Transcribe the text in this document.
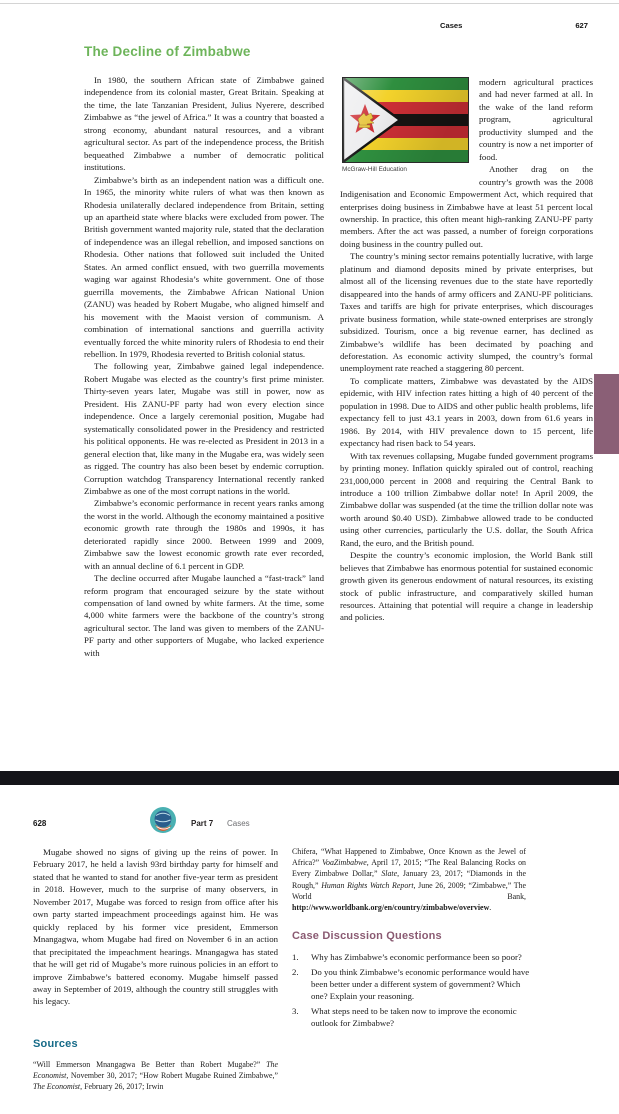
Cases	627
The Decline of Zimbabwe

In 1980, the southern African state of Zimbabwe gained independence from its colonial master, Great Britain. Speaking at the time, the late Tanzanian President, Julius Nyerere, described Zimbabwe as “the jewel of Africa.” It was a country that boasted a strong economy, abundant natural resources, and a vibrant agricultural sector. As part of the independence process, the British bequeathed Zimbabwe a number of democratic political institutions.

Zimbabwe’s birth as an independent nation was a difficult one. In 1965, the minority white rulers of what was then known as Rhodesia unilaterally declared independence from Britain, setting up an apartheid state where blacks were excluded from power. The British government wanted majority rule, stated that the declaration of independence was an illegal rebellion, and imposed sanctions on Rhodesia. Other nations that followed suit included the United States. An armed conflict ensued, with two guerrilla movements waging war against Rhodesia’s white government. One of those guerrilla movements, the Zimbabwe African National Union (ZANU) was headed by Robert Mugabe, who aligned himself and his movement with the Maoist version of communism. A combination of international sanctions and guerrilla activity eventually forced the white minority rulers of Rhodesia to end their rebellion. In 1979, Rhodesia reverted to British colonial status.

The following year, Zimbabwe gained legal independence. Robert Mugabe was elected as the country’s first prime minister. Thirty-seven years later, Mugabe was still in power, now as President. His ZANU-PF party had won every election since independence. Once a largely ceremonial position, Mugabe had systematically consolidated power in the Presidency and restricted his political opponents. He was re-elected as President in 2013 in a general election that, like many in the Mugabe era, was widely seen as rigged. The country has also been beset by endemic corruption. Corruption watchdog Transparency International recently ranked Zimbabwe as one of the most corrupt nations in the world.

Zimbabwe’s economic performance in recent years ranks among the worst in the world. Although the economy maintained a positive economic growth rate through the 1980s and 1990s, it has deteriorated rapidly since 2000. Between 1999 and 2009, Zimbabwe saw the lowest economic growth rate ever recorded, with an annual decline of 6.1 percent in GDP.

The decline occurred after Mugabe launched a “fast-track” land reform program that encouraged seizure by the state without compensation of land owned by white farmers. At the time, some 4,000 white farmers were the backbone of the country’s strong agricultural sector. The land was given to members of the ZANU-PF party and other supporters of Mugabe, who lacked experience with

McGraw-Hill Education

modern agricultural practices and had never farmed at all. In the wake of the land reform program, agricultural productivity slumped and the country is now a net importer of food.

Another drag on the country’s growth was the 2008 Indigenisation and Economic Empowerment Act, which required that enterprises doing business in Zimbabwe have at least 51 percent local ownership. In practice, this often meant high-ranking ZANU-PF party members. After the act was passed, a number of foreign corporations doing business in the country pulled out.

The country’s mining sector remains potentially lucrative, with large platinum and diamond deposits mined by private enterprises, but almost all of the licensing revenues due to the state have reportedly disappeared into the hands of army officers and ZANU-PF politicians. Taxes and tariffs are high for private enterprises, which discourages private business formation, while state-owned enterprises are strongly subsidized. Tourism, once a big revenue earner, has declined as Zimbabwe’s wildlife has been decimated by poaching and deforestation. As economic activity slumped, the country’s formal unemployment rate reached a staggering 80 percent.

To complicate matters, Zimbabwe was devastated by the AIDS epidemic, with HIV infection rates hitting a high of 40 percent of the population in 1998. Due to AIDS and other public health problems, life expectancy fell to just 43.1 years in 2003, down from 61.6 years in 1986. By 2014, with HIV prevalence down to 15 percent, life expectancy had risen back to 54 years.

With tax revenues collapsing, Mugabe funded government programs by printing money. Inflation quickly spiraled out of control, reaching 231,000,000 percent in 2008 and requiring the Central Bank to introduce a 100 trillion Zimbabwe dollar note! In April 2009, the Zimbabwe dollar was suspended (at the time the trillion dollar note was worth around $0.40 USD). Zimbabwe allowed trade to be conducted using other currencies, particularly the U.S. dollar, the South Africa Rand, the euro, and the British pound.

Despite the country’s economic implosion, the World Bank still believes that Zimbabwe has enormous potential for sustained economic growth given its generous endowment of natural resources, its existing stock of public infrastructure, and comparatively skilled human resources. Attaining that potential will require a change in leadership and policies.

628	Part 7 Cases

Mugabe showed no signs of giving up the reins of power. In February 2017, he held a lavish 93rd birthday party for himself and stated that he wanted to stand for another five-year term as president in 2018. However, much to the surprise of many observers, in November 2017, Mugabe was forced to resign from office after his own party started impeachment proceedings against him. He was quickly replaced by his former vice president, Emmerson Mnangagwa, whom Mugabe had fired on November 6 in an action that precipitated the impeachment hearings. Mnangagwa has stated that he will get rid of Mugabe’s more ruinous policies in an effort to improve Zimbabwe’s battered economy. Mugabe himself passed away in September of 2019, although the country still struggles with his legacy.

Sources

“Will Emmerson Mnangagwa Be Better than Robert Mugabe?” The Economist, November 30, 2017; “How Robert Mugabe Ruined Zimbabwe,” The Economist, February 26, 2017; Irwin

Chifera, “What Happened to Zimbabwe, Once Known as the Jewel of Africa?” VoaZimbabwe, April 17, 2015; “The Real Balancing Rocks on Every Zimbabwe Dollar,” Slate, January 23, 2017; “Diamonds in the Rough,” Human Rights Watch Report, June 26, 2009; “Zimbabwe,” The World Bank, http://www.worldbank.org/en/country/zimbabwe/overview.

Case Discussion Questions
1.	Why has Zimbabwe’s economic performance been so poor?
2.	Do you think Zimbabwe’s economic performance would have been better under a different system of government? Which one? Explain your reasoning.
3.	What steps need to be taken now to improve the economic outlook for Zimbabwe?
